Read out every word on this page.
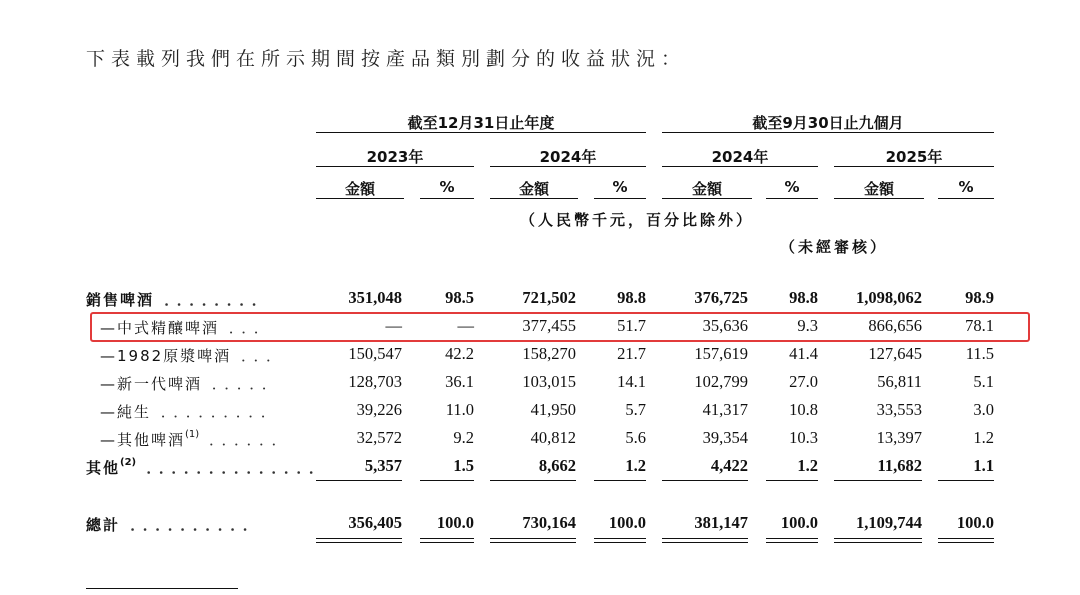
下表載列我們在所示期間按產品類別劃分的收益狀況：
截至12月31日止年度	截至9月30日止九個月
2023年	2024年	2024年	2025年
金額	%	金額	%	金額	%	金額	%
（人民幣千元，百分比除外）
（未經審核）
銷售啤酒 ．．．．．．．．	351,048	98.5	721,502	98.8	376,725	98.8	1,098,062	98.9
—中式精釀啤酒 ．．．	—	—	377,455	51.7	35,636	9.3	866,656	78.1
—1982原漿啤酒 ．．．	150,547	42.2	158,270	21.7	157,619	41.4	127,645	11.5
—新一代啤酒 ．．．．．	128,703	36.1	103,015	14.1	102,799	27.0	56,811	5.1
—純生 ．．．．．．．．．	39,226	11.0	41,950	5.7	41,317	10.8	33,553	3.0
—其他啤酒$^{(1)}$ ．．．．．．	32,572	9.2	40,812	5.6	39,354	10.3	13,397	1.2
其他$^{(2)}$ ．．．．．．．．．．．．．．	5,357	1.5	8,662	1.2	4,422	1.2	11,682	1.1
總計 ．．．．．．．．．．	356,405	100.0	730,164	100.0	381,147	100.0	1,109,744	100.0
